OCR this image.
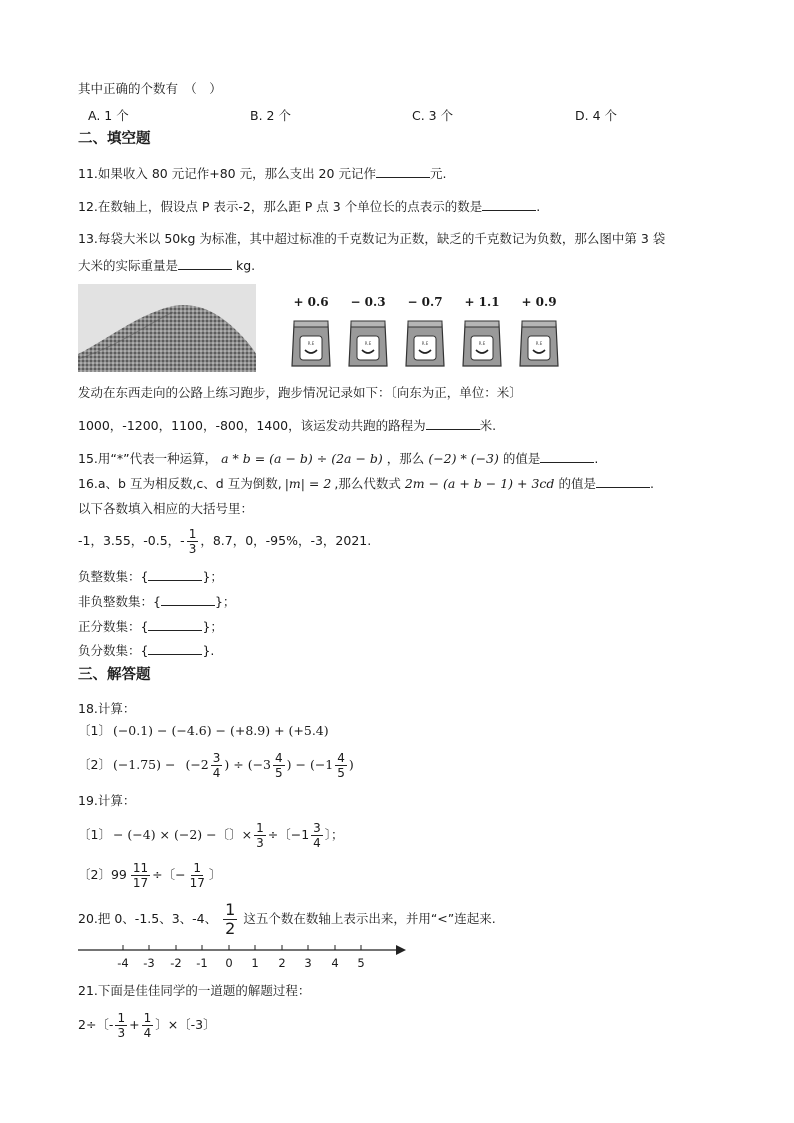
其中正确的个数有　（　）
A. 1 个	B. 2 个	C. 3 个	D. 4 个
二、填空题
11.如果收入 80 元记作+80 元，那么支出 20 元记作	元.
12.在数轴上，假设点 P 表示-2，那么距 P 点 3 个单位长的点表示的数是	.
13.每袋大米以 50kg 为标准，其中超过标准的千克数记为正数，缺乏的千克数记为负数，那么图中第 3 袋
大米的实际重量是	kg.
+ 0.6	− 0.3	− 0.7	+ 1.1	+ 0.9
R.E	R.E	R.E	R.E	R.E
发动在东西走向的公路上练习跑步，跑步情况记录如下：〔向东为正，单位：米〕
1000，-1200，1100，-800，1400，该运发动共跑的路程为	米.
15.用“*”代表一种运算， a * b = (a − b) ÷ (2a − b) ，那么 (−2) * (−3) 的值是	.
16.a、b 互为相反数,c、d 互为倒数, |m| = 2 ,那么代数式 2m − (a + b − 1) + 3cd 的值是	.
以下各数填入相应的大括号里：
-1，3.55，-0.5，- $\frac{1}{3}$ ，8.7，0，-95%，-3，2021.
负整数集：{	}；
非负整数集：{	}；
正分数集：{	}；
负分数集：{	}.
三、解答题
18.计算：
〔1〕 (−0.1) − (−4.6) − (+8.9) + (+5.4)
〔2〕 $(-1.75) - (-2 \frac{3}{4}$ ) ÷ ($-3 \frac{4}{5}$ ) − ($-1 \frac{4}{5}$ )
19.计算：
〔1〕 − (−4) × (−2) −〔〕× $\frac{1}{3}$ ÷〔$-1 \frac{3}{4}$ 〕；
〔2〕$99 \frac{11}{17}$ ÷〔− $\frac{1}{17}$ 〕
20.把 0、-1.5、3、-4、 $\frac{1}{2}$ 这五个数在数轴上表示出来，并用“<”连起来.
-4 -3 -2 -1 0 1 2 3 4 5
21.下面是佳佳同学的一道题的解题过程：
2÷〔- $\frac{1}{3} + \frac{1}{4}$ 〕×〔-3〕
